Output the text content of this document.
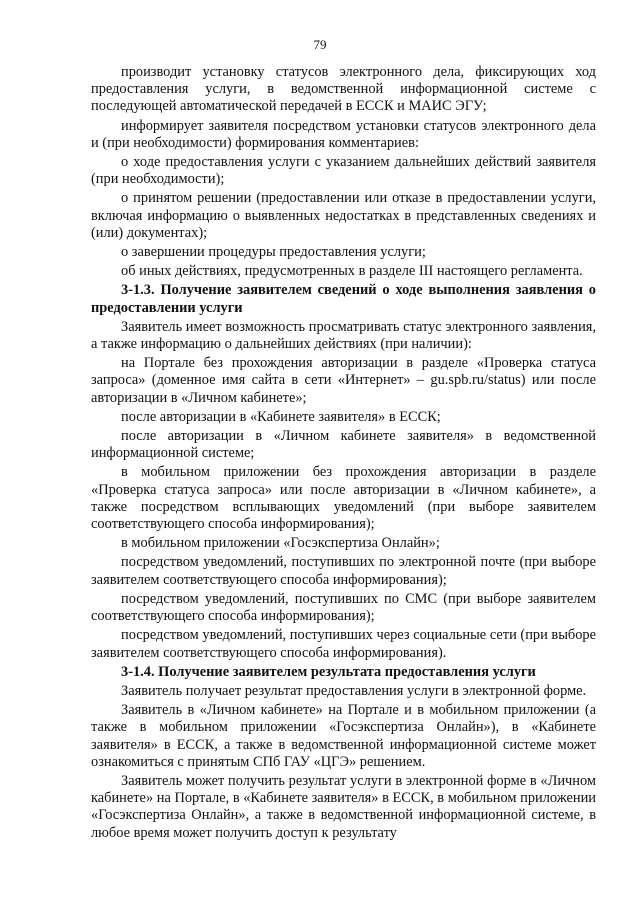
79

производит установку статусов электронного дела, фиксирующих ход предоставления услуги, в ведомственной информационной системе с последующей автоматической передачей в ЕССК и МАИС ЭГУ;

информирует заявителя посредством установки статусов электронного дела и (при необходимости) формирования комментариев:

о ходе предоставления услуги с указанием дальнейших действий заявителя (при необходимости);

о принятом решении (предоставлении или отказе в предоставлении услуги, включая информацию о выявленных недостатках в представленных сведениях и (или) документах);

о завершении процедуры предоставления услуги;

об иных действиях, предусмотренных в разделе III настоящего регламента.

3-1.3. Получение заявителем сведений о ходе выполнения заявления о предоставлении услуги

Заявитель имеет возможность просматривать статус электронного заявления, а также информацию о дальнейших действиях (при наличии):

на Портале без прохождения авторизации в разделе «Проверка статуса запроса» (доменное имя сайта в сети «Интернет» – gu.spb.ru/status) или после авторизации в «Личном кабинете»;

после авторизации в «Кабинете заявителя» в ЕССК;

после авторизации в «Личном кабинете заявителя» в ведомственной информационной системе;

в мобильном приложении без прохождения авторизации в разделе «Проверка статуса запроса» или после авторизации в «Личном кабинете», а также посредством всплывающих уведомлений (при выборе заявителем соответствующего способа информирования);

в мобильном приложении «Госэкспертиза Онлайн»;

посредством уведомлений, поступивших по электронной почте (при выборе заявителем соответствующего способа информирования);

посредством уведомлений, поступивших по СМС (при выборе заявителем соответствующего способа информирования);

посредством уведомлений, поступивших через социальные сети (при выборе заявителем соответствующего способа информирования).

3-1.4. Получение заявителем результата предоставления услуги

Заявитель получает результат предоставления услуги в электронной форме.

Заявитель в «Личном кабинете» на Портале и в мобильном приложении (а также в мобильном приложении «Госэкспертиза Онлайн»), в «Кабинете заявителя» в ЕССК, а также в ведомственной информационной системе может ознакомиться с принятым СПб ГАУ «ЦГЭ» решением.

Заявитель может получить результат услуги в электронной форме в «Личном кабинете» на Портале, в «Кабинете заявителя» в ЕССК, в мобильном приложении «Госэкспертиза Онлайн», а также в ведомственной информационной системе, в любое время может получить доступ к результату
